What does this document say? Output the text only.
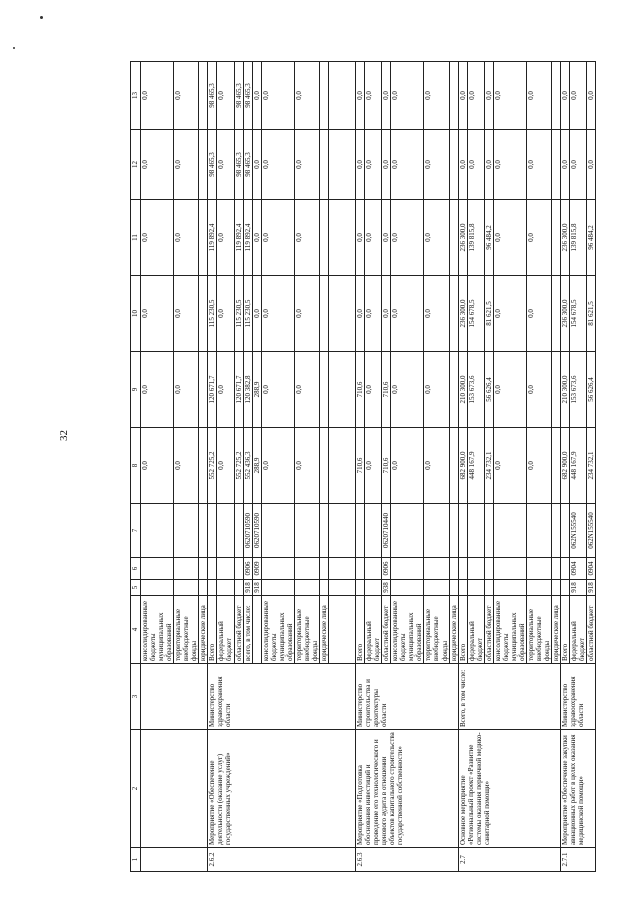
32
1	2	3	4	5	6	7	8	9	10	11	12	13
			консолидированные бюджеты муниципальных образований				0,0	0,0	0,0	0,0	0,0	0,0
			территориальные внебюджетные фонды				0,0	0,0	0,0	0,0	0,0	0,0
			юридические лица									
2.6.2	Мероприятие «Обеспечение деятельности (оказание услуг) государственных учреждений»	Министерство здравоохранения области	Всего				552 725,2	120 671,7	115 230,5	119 892,4	98 465,3	98 465,3
			федеральный бюджет				0,0	0,0	0,0	0,0	0,0	0,0
			областной бюджет				552 725,2	120 671,7	115 230,5	119 892,4	98 465,3	98 465,3
			всего, в том числе:	918	0906	0620710590	552 436,3	120 382,8	115 230,5	119 892,4	98 465,3	98 465,3
				918	0909	0620710590	288,9	288,9	0,0	0,0	0,0	0,0
			консолидированные бюджеты муниципальных образований				0,0	0,0	0,0	0,0	0,0	0,0
			территориальные внебюджетные фонды				0,0	0,0	0,0	0,0	0,0	0,0
			юридические лица									

2.6.3	Мероприятие «Подготовка обоснования инвестиций и проведение его технологического и ценового аудита в отношении объектов капитального строительства государственной собственности»	Министерство строительства и архитектуры области	Всего				710,6	710,6	0,0	0,0	0,0	0,0
			федеральный бюджет				0,0	0,0	0,0	0,0	0,0	0,0
			областной бюджет	938	0906	0620710440	710,6	710,6	0,0	0,0	0,0	0,0
			консолидированные бюджеты муниципальных образований				0,0	0,0	0,0	0,0	0,0	0,0
			территориальные внебюджетные фонды				0,0	0,0	0,0	0,0	0,0	0,0
			юридические лица									
2.7	Основное мероприятие «Региональный проект «Развитие системы оказания первичной медико-санитарной помощи»	Всего, в том числе:	Всего				682 900,0	210 300,0	236 300,0	236 300,0	0,0	0,0
			федеральный бюджет				448 167,9	153 673,6	154 678,5	139 815,8	0,0	0,0
			областной бюджет				234 732,1	56 626,4	81 621,5	96 484,2	0,0	0,0
			консолидированные бюджеты муниципальных образований				0,0	0,0	0,0	0,0	0,0	0,0
			территориальные внебюджетные фонды				0,0	0,0	0,0	0,0	0,0	0,0
			юридические лица									
2.7.1	Мероприятие «Обеспечение закупки авиационных работ в целях оказания медицинской помощи»	Министерство здравоохранения области	Всего				682 900,0	210 300,0	236 300,0	236 300,0	0,0	0,0
			федеральный бюджет	918	0904	062N155540	448 167,9	153 673,6	154 678,5	139 815,8	0,0	0,0
			областной бюджет	918	0904	062N155540	234 732,1	56 626,4	81 621,5	96 484,2	0,0	0,0
